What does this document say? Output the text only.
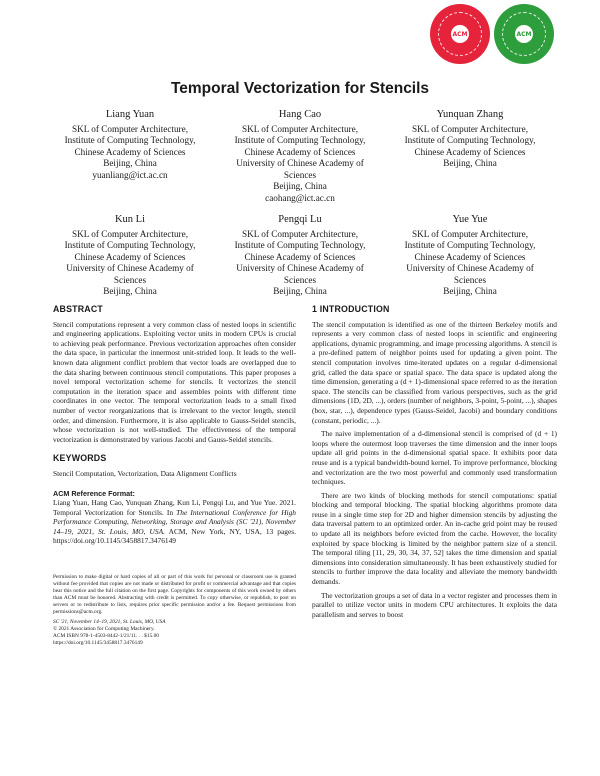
ACM	ACM
Temporal Vectorization for Stencils
Liang Yuan
SKL of Computer Architecture,
Institute of Computing Technology,
Chinese Academy of Sciences
Beijing, China
yuanliang@ict.ac.cn
Hang Cao
SKL of Computer Architecture,
Institute of Computing Technology,
Chinese Academy of Sciences
University of Chinese Academy of
Sciences
Beijing, China
caohang@ict.ac.cn
Yunquan Zhang
SKL of Computer Architecture,
Institute of Computing Technology,
Chinese Academy of Sciences
Beijing, China
Kun Li
SKL of Computer Architecture,
Institute of Computing Technology,
Chinese Academy of Sciences
University of Chinese Academy of
Sciences
Beijing, China
Pengqi Lu
SKL of Computer Architecture,
Institute of Computing Technology,
Chinese Academy of Sciences
University of Chinese Academy of
Sciences
Beijing, China
Yue Yue
SKL of Computer Architecture,
Institute of Computing Technology,
Chinese Academy of Sciences
University of Chinese Academy of
Sciences
Beijing, China
ABSTRACT

Stencil computations represent a very common class of nested loops in scientific and engineering applications. Exploiting vector units in modern CPUs is crucial to achieving peak performance. Previous vectorization approaches often consider the data space, in particular the innermost unit-strided loop. It leads to the well-known data alignment conflict problem that vector loads are overlapped due to the data sharing between continuous stencil computations. This paper proposes a novel temporal vectorization scheme for stencils. It vectorizes the stencil computation in the iteration space and assembles points with different time coordinates in one vector. The temporal vectorization leads to a small fixed number of vector reorganizations that is irrelevant to the vector length, stencil order, and dimension. Furthermore, it is also applicable to Gauss-Seidel stencils, whose vectorization is not well-studied. The effectiveness of the temporal vectorization is demonstrated by various Jacobi and Gauss-Seidel stencils.

KEYWORDS

Stencil Computation, Vectorization, Data Alignment Conflicts

ACM Reference Format:

Liang Yuan, Hang Cao, Yunquan Zhang, Kun Li, Pengqi Lu, and Yue Yue. 2021. Temporal Vectorization for Stencils. In The International Conference for High Performance Computing, Networking, Storage and Analysis (SC '21), November 14–19, 2021, St. Louis, MO, USA. ACM, New York, NY, USA, 13 pages. https://doi.org/10.1145/3458817.3476149

Permission to make digital or hard copies of all or part of this work for personal or classroom use is granted without fee provided that copies are not made or distributed for profit or commercial advantage and that copies bear this notice and the full citation on the first page. Copyrights for components of this work owned by others than ACM must be honored. Abstracting with credit is permitted. To copy otherwise, or republish, to post on servers or to redistribute to lists, requires prior specific permission and/or a fee. Request permissions from permissions@acm.org.

SC '21, November 14–19, 2021, St. Louis, MO, USA
© 2021 Association for Computing Machinery.
ACM ISBN 978-1-4503-8442-1/21/11. . . $15.00
https://doi.org/10.1145/3458817.3476149
1 INTRODUCTION

The stencil computation is identified as one of the thirteen Berkeley motifs and represents a very common class of nested loops in scientific and engineering applications, dynamic programming, and image processing algorithms. A stencil is a pre-defined pattern of neighbor points used for updating a given point. The stencil computation involves time-iterated updates on a regular d-dimensional grid, called the data space or spatial space. The data space is updated along the time dimension, generating a (d + 1)-dimensional space referred to as the iteration space. The stencils can be classified from various perspectives, such as the grid dimensions (1D, 2D, ...), orders (number of neighbors, 3-point, 5-point, ...), shapes (box, star, ...), dependence types (Gauss-Seidel, Jacobi) and boundary conditions (constant, periodic, ...).

The naive implementation of a d-dimensional stencil is comprised of (d + 1) loops where the outermost loop traverses the time dimension and the inner loops update all grid points in the d-dimensional spatial space. It exhibits poor data reuse and is a typical bandwidth-bound kernel. To improve performance, blocking and vectorization are the two most powerful and commonly used transformation techniques.

There are two kinds of blocking methods for stencil computations: spatial blocking and temporal blocking. The spatial blocking algorithms promote data reuse in a single time step for 2D and higher dimension stencils by adjusting the data traversal pattern to an optimized order. An in-cache grid point may be reused to update all its neighbors before evicted from the cache. However, the locality exploited by space blocking is limited by the neighbor pattern size of a stencil. The temporal tiling [11, 29, 30, 34, 37, 52] takes the time dimension and spatial dimensions into consideration simultaneously. It has been exhaustively studied for stencils to further improve the data locality and alleviate the memory bandwidth demands.

The vectorization groups a set of data in a vector register and processes them in parallel to utilize vector units in modern CPU architectures. It exploits the data parallelism and serves to boost
